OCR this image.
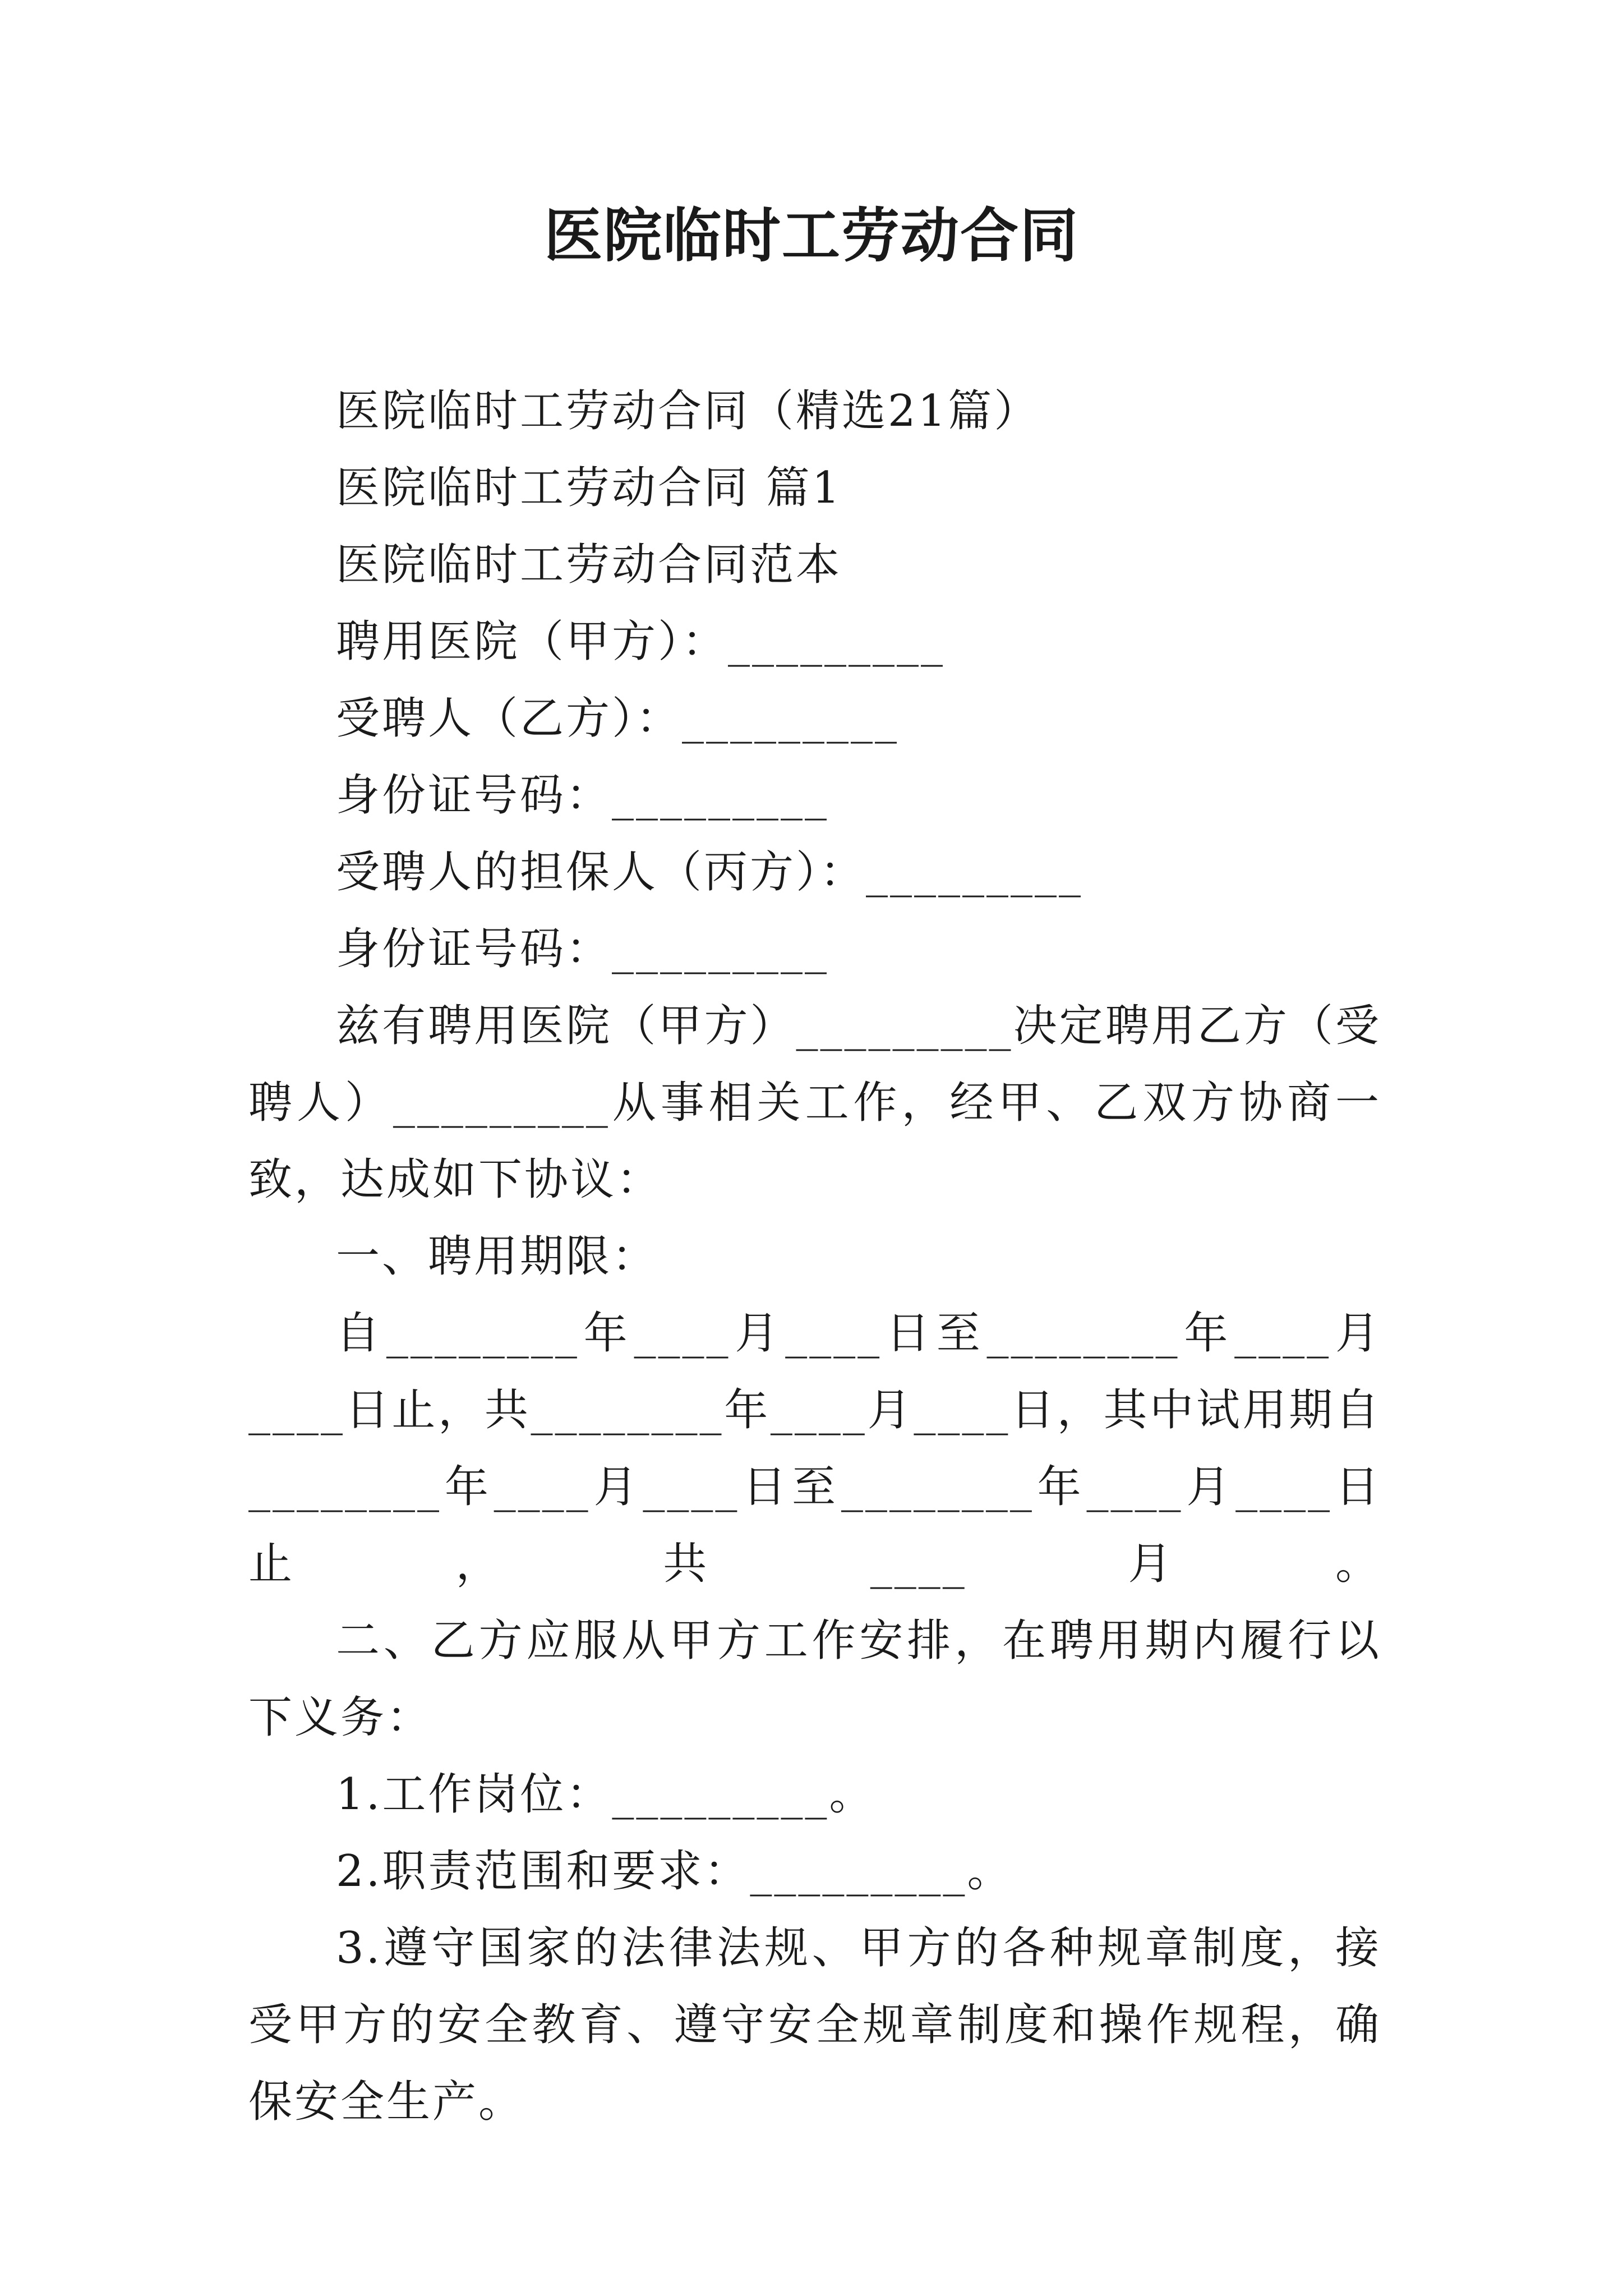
医院临时工劳动合同

医院临时工劳动合同（精选21篇）

医院临时工劳动合同 篇1

医院临时工劳动合同范本

聘用医院（甲方）：_________

受聘人（乙方）：_________

身份证号码：_________

受聘人的担保人（丙方）：_________

身份证号码：_________

兹有聘用医院（甲方）_________决定聘用乙方（受聘人）_________从事相关工作，经甲、乙双方协商一致，达成如下协议：

一、聘用期限：

自________年____月____日至________年____月____日止，共________年____月____日，其中试用期自________年____月____日至________年____月____日止，共____月。

二、乙方应服从甲方工作安排，在聘用期内履行以下义务：

1.工作岗位：_________。

2.职责范围和要求：_________。

3.遵守国家的法律法规、甲方的各种规章制度，接受甲方的安全教育、遵守安全规章制度和操作规程，确保安全生产。
